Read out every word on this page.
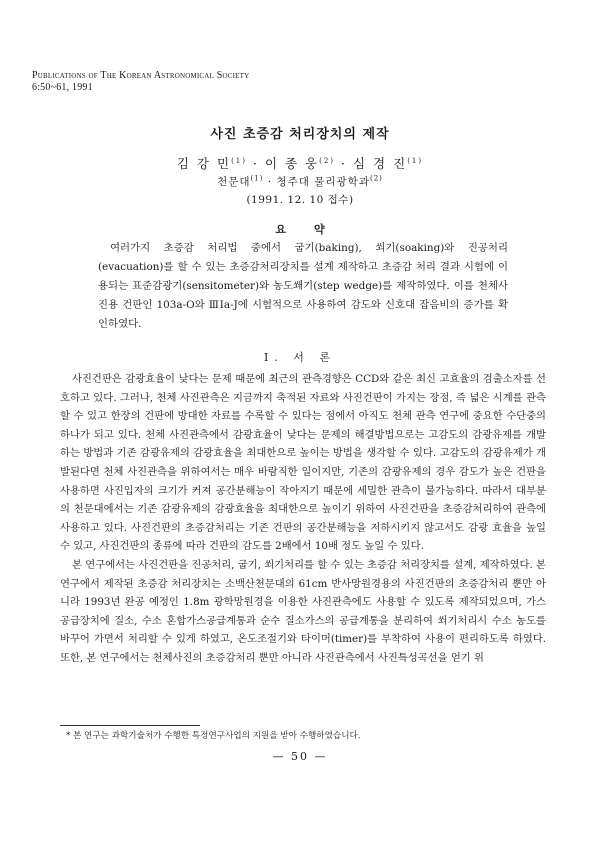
Publications of The Korean Astronomical Society
6:50~61, 1991
사진 초증감 처리장치의 제작
김 강 민$^{(1)}$ · 이 종 웅$^{(2)}$ · 심 경 진$^{(1)}$
천문대$^{(1)}$ · 청주대 물리광학과$^{(2)}$
(1991. 12. 10 접수)
요약

여러가지 초증감 처리법 중에서 굽기(baking), 쐬기(soaking)와 진공처리(evacuation)를 할 수 있는 초증감처리장치를 설계 제작하고 초증감 처리 결과 시험에 이용되는 표준감광기(sensitometer)와 농도쐐기(step wedge)를 제작하였다. 이를 천체사진용 건판인 103a-O와 ⅢIa-J에 시험적으로 사용하여 감도와 신호대 잡음비의 증가를 확인하였다.

I. 서 론

사진건판은 감광효율이 낮다는 문제 때문에 최근의 관측경향은 CCD와 같은 최신 고효율의 검출소자를 선호하고 있다. 그러나, 천체 사진관측은 지금까지 축적된 자료와 사진건판이 가지는 장점, 즉 넓은 시계를 관측할 수 있고 한장의 건판에 방대한 자료를 수록할 수 있다는 점에서 아직도 천체 관측 연구에 중요한 수단중의 하나가 되고 있다. 천체 사진관측에서 감광효율이 낮다는 문제의 해결방법으로는 고감도의 감광유제를 개발하는 방법과 기존 감광유제의 감광효율을 최대한으로 높이는 방법을 생각할 수 있다. 고감도의 감광유제가 개발된다면 천체 사진관측을 위하여서는 매우 바람직한 일이지만, 기존의 감광유제의 경우 감도가 높은 건판을 사용하면 사진입자의 크기가 커져 공간분해능이 작아지기 때문에 세밀한 관측이 불가능하다. 따라서 대부분의 천문대에서는 기존 감광유제의 감광효율을 최대한으로 높이기 위하여 사진건판을 초증감처리하여 관측에 사용하고 있다. 사진건판의 초증감처리는 기존 건판의 공간분해능을 저하시키지 않고서도 감광 효율을 높일 수 있고, 사진건판의 종류에 따라 건판의 감도를 2배에서 10배 정도 높일 수 있다.

본 연구에서는 사진건판을 진공처리, 굽기, 쐬기처리를 할 수 있는 초증감 처리장치를 설계, 제작하였다. 본 연구에서 제작된 초증감 처리장치는 소백산천문대의 61cm 반사망원경용의 사진건판의 초증감처리 뿐만 아니라 1993년 완공 예정인 1.8m 광학망원경을 이용한 사진관측에도 사용할 수 있도록 제작되었으며, 가스 공급장치에 질소, 수소 혼합가스공급계통과 순수 질소가스의 공급계통을 분리하여 쐬기처리시 수소 농도를 바꾸어 가면서 처리할 수 있게 하였고, 온도조절기와 타이머(timer)를 부착하여 사용이 편리하도록 하였다. 또한, 본 연구에서는 천체사진의 초증감처리 뿐만 아니라 사진관측에서 사진특성곡선을 얻기 위

* 본 연구는 과학기술처가 수행한 특정연구사업의 지원을 받아 수행하였습니다.
— 50 —
